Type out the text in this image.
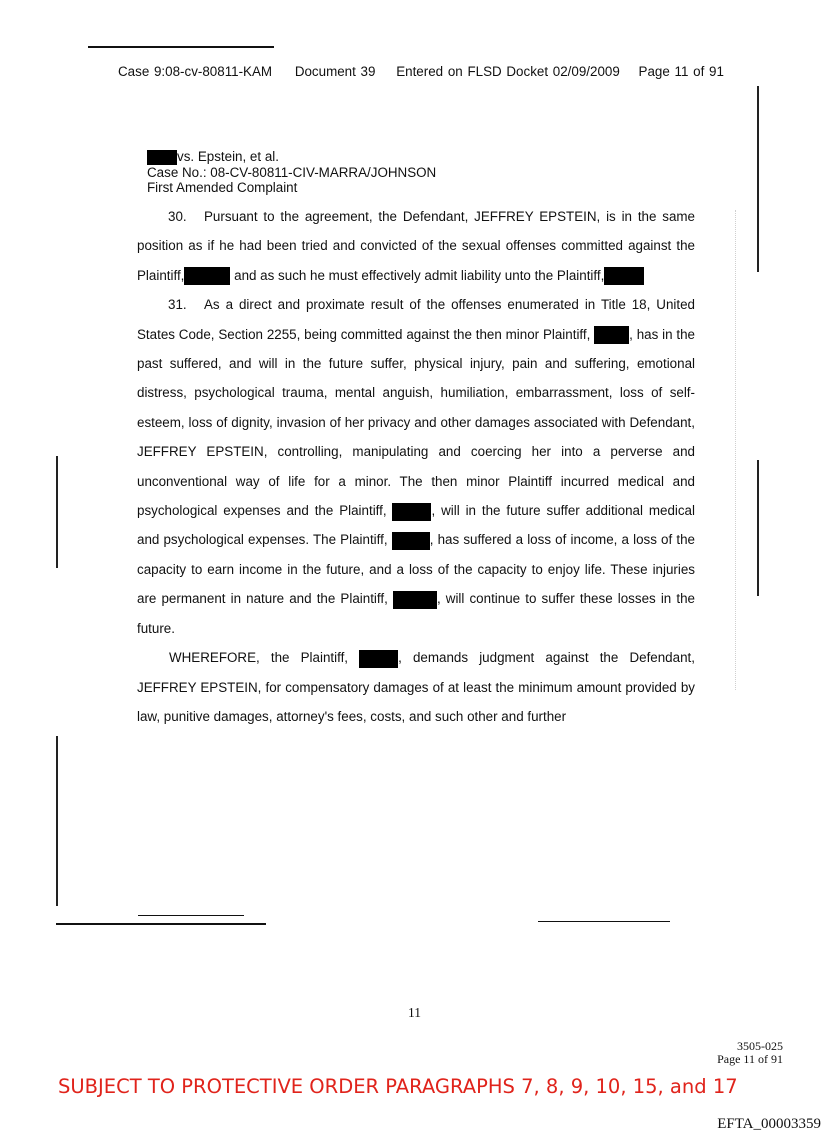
Case 9:08-cv-80811-KAM Document 39 Entered on FLSD Docket 02/09/2009 Page 11 of 91
vs. Epstein, et al.
Case No.: 08-CV-80811-CIV-MARRA/JOHNSON
First Amended Complaint

30. Pursuant to the agreement, the Defendant, JEFFREY EPSTEIN, is in the same position as if he had been tried and convicted of the sexual offenses committed against the Plaintiff,	and as such he must effectively admit liability unto the Plaintiff,

31. As a direct and proximate result of the offenses enumerated in Title 18, United States Code, Section 2255, being committed against the then minor Plaintiff,	, has in the past suffered, and will in the future suffer, physical injury, pain and suffering, emotional distress, psychological trauma, mental anguish, humiliation, embarrassment, loss of self-esteem, loss of dignity, invasion of her privacy and other damages associated with Defendant, JEFFREY EPSTEIN, controlling, manipulating and coercing her into a perverse and unconventional way of life for a minor. The then minor Plaintiff incurred medical and psychological expenses and the Plaintiff,	, will in the future suffer additional medical and psychological expenses. The Plaintiff,	, has suffered a loss of income, a loss of the capacity to earn income in the future, and a loss of the capacity to enjoy life. These injuries are permanent in nature and the Plaintiff,	, will continue to suffer these losses in the future.

WHEREFORE, the Plaintiff,	, demands judgment against the Defendant, JEFFREY EPSTEIN, for compensatory damages of at least the minimum amount provided by law, punitive damages, attorney's fees, costs, and such other and further

11
3505-025
Page 11 of 91
SUBJECT TO PROTECTIVE ORDER PARAGRAPHS 7, 8, 9, 10, 15, and 17
EFTA_00003359
